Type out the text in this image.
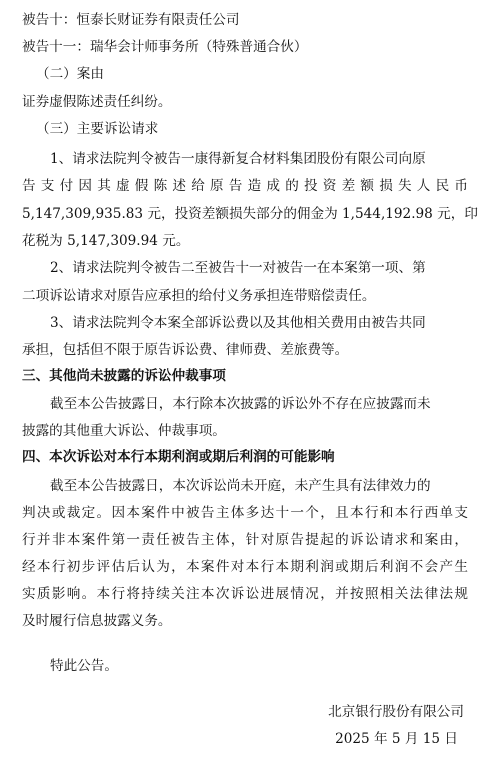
被告十：恒泰长财证券有限责任公司
被告十一：瑞华会计师事务所（特殊普通合伙）
（二）案由
证券虚假陈述责任纠纷。
（三）主要诉讼请求
1、请求法院判令被告一康得新复合材料集团股份有限公司向原
告支付因其虚假陈述给原告造成的投资差额损失人民币
5,147,309,935.83 元，投资差额损失部分的佣金为 1,544,192.98 元，印
花税为 5,147,309.94 元。
2、请求法院判令被告二至被告十一对被告一在本案第一项、第
二项诉讼请求对原告应承担的给付义务承担连带赔偿责任。
3、请求法院判令本案全部诉讼费以及其他相关费用由被告共同
承担，包括但不限于原告诉讼费、律师费、差旅费等。
三、其他尚未披露的诉讼仲裁事项
截至本公告披露日，本行除本次披露的诉讼外不存在应披露而未
披露的其他重大诉讼、仲裁事项。
四、本次诉讼对本行本期利润或期后利润的可能影响
截至本公告披露日，本次诉讼尚未开庭，未产生具有法律效力的
判决或裁定。因本案件中被告主体多达十一个，且本行和本行西单支
行并非本案件第一责任被告主体，针对原告提起的诉讼请求和案由，
经本行初步评估后认为，本案件对本行本期利润或期后利润不会产生
实质影响。本行将持续关注本次诉讼进展情况，并按照相关法律法规
及时履行信息披露义务。
特此公告。
北京银行股份有限公司
2025 年 5 月 15 日
